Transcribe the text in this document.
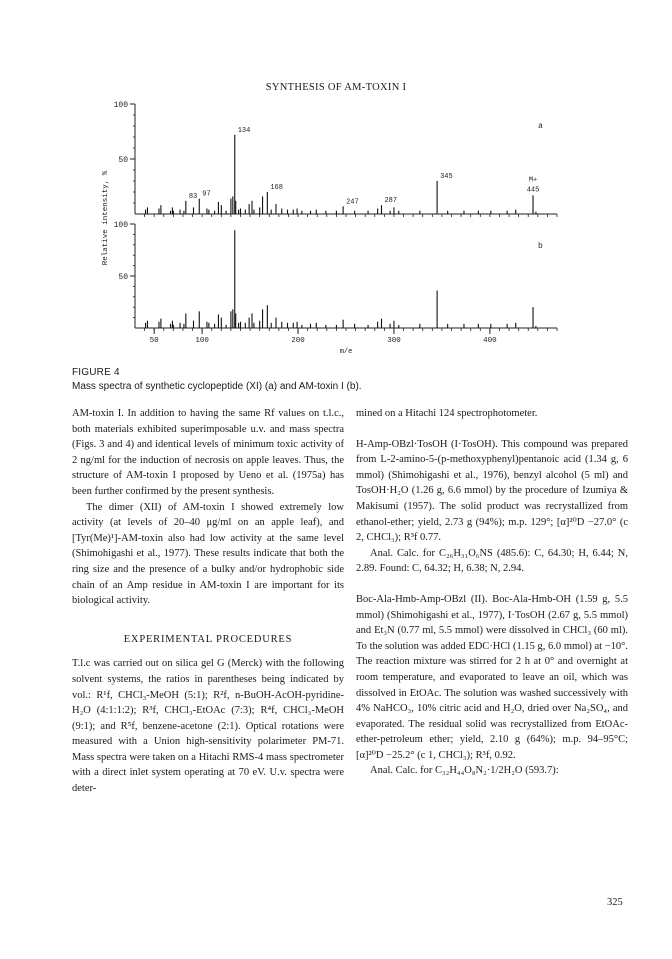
SYNTHESIS OF AM-TOXIN I
50
100
83 97
134
168
247	287
345	M+
445
a
50
100
b
50	100	200	300	400
m/e
Relative intensity, %
FIGURE 4
Mass spectra of synthetic cyclopeptide (XI) (a) and AM-toxin I (b).

AM-toxin I. In addition to having the same Rf values on t.l.c., both materials exhibited superimposable u.v. and mass spectra (Figs. 3 and 4) and identical levels of minimum toxic activity of 2 ng/ml for the induction of necrosis on apple leaves. Thus, the structure of AM-toxin I proposed by Ueno et al. (1975a) has been further confirmed by the present synthesis.

The dimer (XII) of AM-toxin I showed extremely low activity (at levels of 20–40 μg/ml on an apple leaf), and [Tyr(Me)¹]-AM-toxin also had low activity at the same level (Shimohigashi et al., 1977). These results indicate that both the ring size and the presence of a bulky and/or hydrophobic side chain of an Amp residue in AM-toxin I are important for its biological activity.

EXPERIMENTAL PROCEDURES

T.l.c was carried out on silica gel G (Merck) with the following solvent systems, the ratios in parentheses being indicated by vol.: R¹f, CHCl₃-MeOH (5:1); R²f, n-BuOH-AcOH-pyridine-H₂O (4:1:1:2); R³f, CHCl₃-EtOAc (7:3); R⁴f, CHCl₃-MeOH (9:1); and R⁵f, benzene-acetone (2:1). Optical rotations were measured with a Union high-sensitivity polarimeter PM-71. Mass spectra were taken on a Hitachi RMS-4 mass spectrometer with a direct inlet system operating at 70 eV. U.v. spectra were deter-

mined on a Hitachi 124 spectrophotometer.

H-Amp-OBzl·TosOH (I·TosOH). This compound was prepared from L-2-amino-5-(p-methoxyphenyl)pentanoic acid (1.34 g, 6 mmol) (Shimohigashi et al., 1976), benzyl alcohol (5 ml) and TosOH·H₂O (1.26 g, 6.6 mmol) by the procedure of Izumiya & Makisumi (1957). The solid product was recrystallized from ethanol-ether; yield, 2.73 g (94%); m.p. 129°; [α]²⁰D −27.0° (c 2, CHCl₃); R³f 0.77.

Anal. Calc. for C₂₆H₃₁O₆NS (485.6): C, 64.30; H, 6.44; N, 2.89. Found: C, 64.32; H, 6.38; N, 2.94.

Boc-Ala-Hmb-Amp-OBzl (II). Boc-Ala-Hmb-OH (1.59 g, 5.5 mmol) (Shimohigashi et al., 1977), I·TosOH (2.67 g, 5.5 mmol) and Et₃N (0.77 ml, 5.5 mmol) were dissolved in CHCl₃ (60 ml). To the solution was added EDC·HCl (1.15 g, 6.0 mmol) at −10°. The reaction mixture was stirred for 2 h at 0° and overnight at room temperature, and evaporated to leave an oil, which was dissolved in EtOAc. The solution was washed successively with 4% NaHCO₃, 10% citric acid and H₂O, dried over Na₂SO₄, and evaporated. The residual solid was recrystallized from EtOAc-ether-petroleum ether; yield, 2.10 g (64%); m.p. 94–95°C; [α]²⁰D −25.2° (c 1, CHCl₃); R³f, 0.92.

Anal. Calc. for C₃₂H₄₄O₈N₂·1/2H₂O (593.7):

325
